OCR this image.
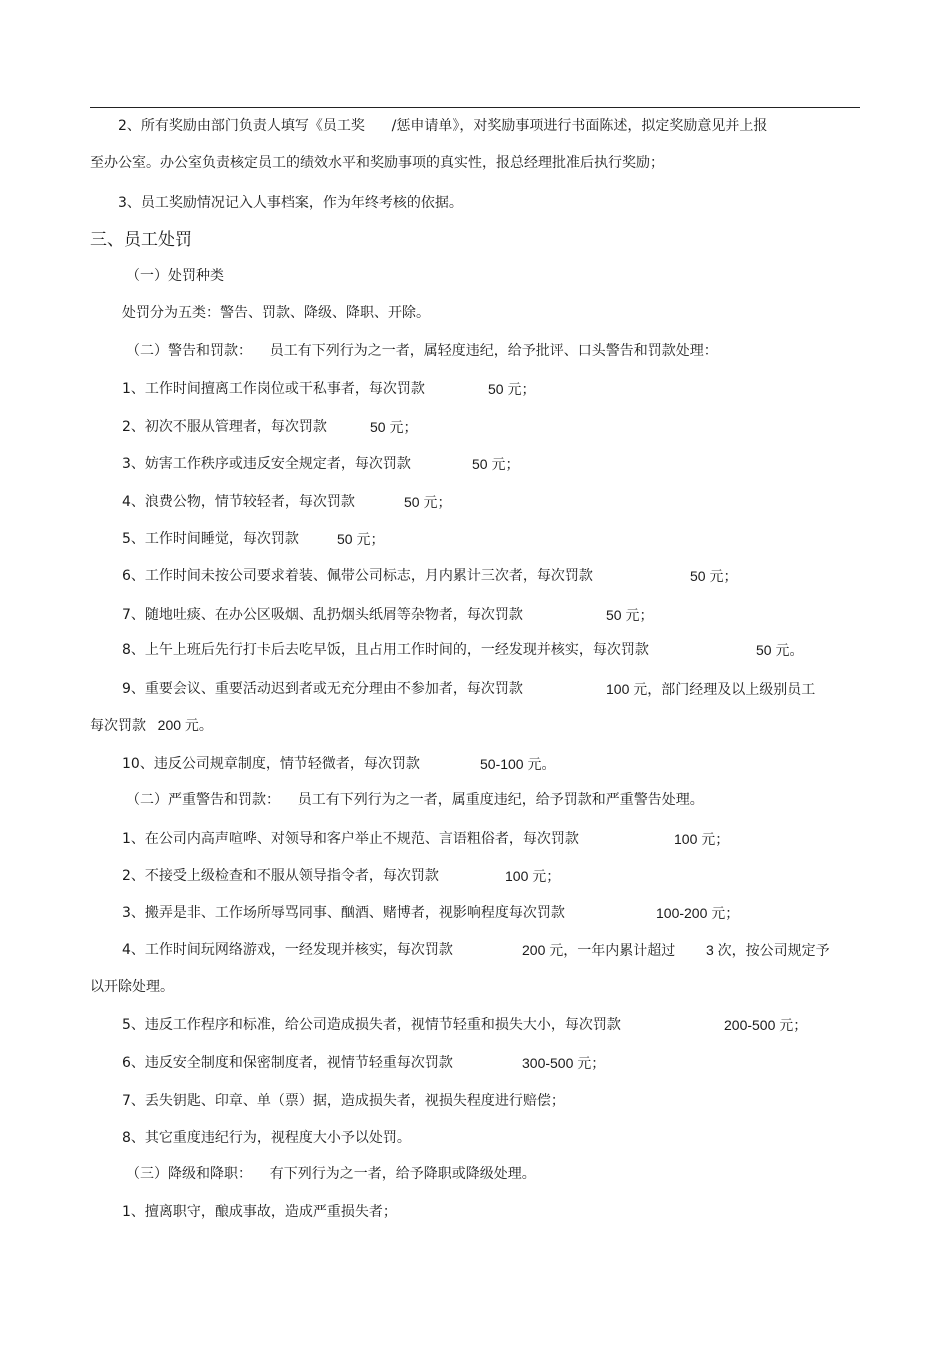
2、所有奖励由部门负责人填写《员工奖      /惩申请单》，对奖励事项进行书面陈述，拟定奖励意见并上报
至办公室。办公室负责核定员工的绩效水平和奖励事项的真实性，报总经理批准后执行奖励；
3、员工奖励情况记入人事档案，作为年终考核的依据。
三、员工处罚
（一）处罚种类
处罚分为五类：警告、罚款、降级、降职、开除。
（二）警告和罚款：    员工有下列行为之一者，属轻度违纪，给予批评、口头警告和罚款处理：
1、工作时间擅离工作岗位或干私事者，每次罚款	50 元；
2、初次不服从管理者，每次罚款	50 元；
3、妨害工作秩序或违反安全规定者，每次罚款	50 元；
4、浪费公物，情节较轻者，每次罚款	50 元；
5、工作时间睡觉，每次罚款	50 元；
6、工作时间未按公司要求着装、佩带公司标志，月内累计三次者，每次罚款	50 元；
7、随地吐痰、在办公区吸烟、乱扔烟头纸屑等杂物者，每次罚款	50 元；
8、上午上班后先行打卡后去吃早饭，且占用工作时间的，一经发现并核实，每次罚款	50 元。
9、重要会议、重要活动迟到者或无充分理由不参加者，每次罚款	100 元，部门经理及以上级别员工
每次罚款   200 元。
10、违反公司规章制度，情节轻微者，每次罚款	50-100 元。
（二）严重警告和罚款：    员工有下列行为之一者，属重度违纪，给予罚款和严重警告处理。
1、在公司内高声喧哗、对领导和客户举止不规范、言语粗俗者，每次罚款	100 元；
2、不接受上级检查和不服从领导指令者，每次罚款	100 元；
3、搬弄是非、工作场所辱骂同事、酗酒、赌博者，视影响程度每次罚款	100-200 元；
4、工作时间玩网络游戏，一经发现并核实，每次罚款	200 元，一年内累计超过 3 次，按公司规定予
以开除处理。
5、违反工作程序和标准，给公司造成损失者，视情节轻重和损失大小，每次罚款	200-500 元；
6、违反安全制度和保密制度者，视情节轻重每次罚款	300-500 元；
7、丢失钥匙、印章、单（票）据，造成损失者，视损失程度进行赔偿；
8、其它重度违纪行为，视程度大小予以处罚。
（三）降级和降职：    有下列行为之一者，给予降职或降级处理。
1、擅离职守，酿成事故，造成严重损失者；
